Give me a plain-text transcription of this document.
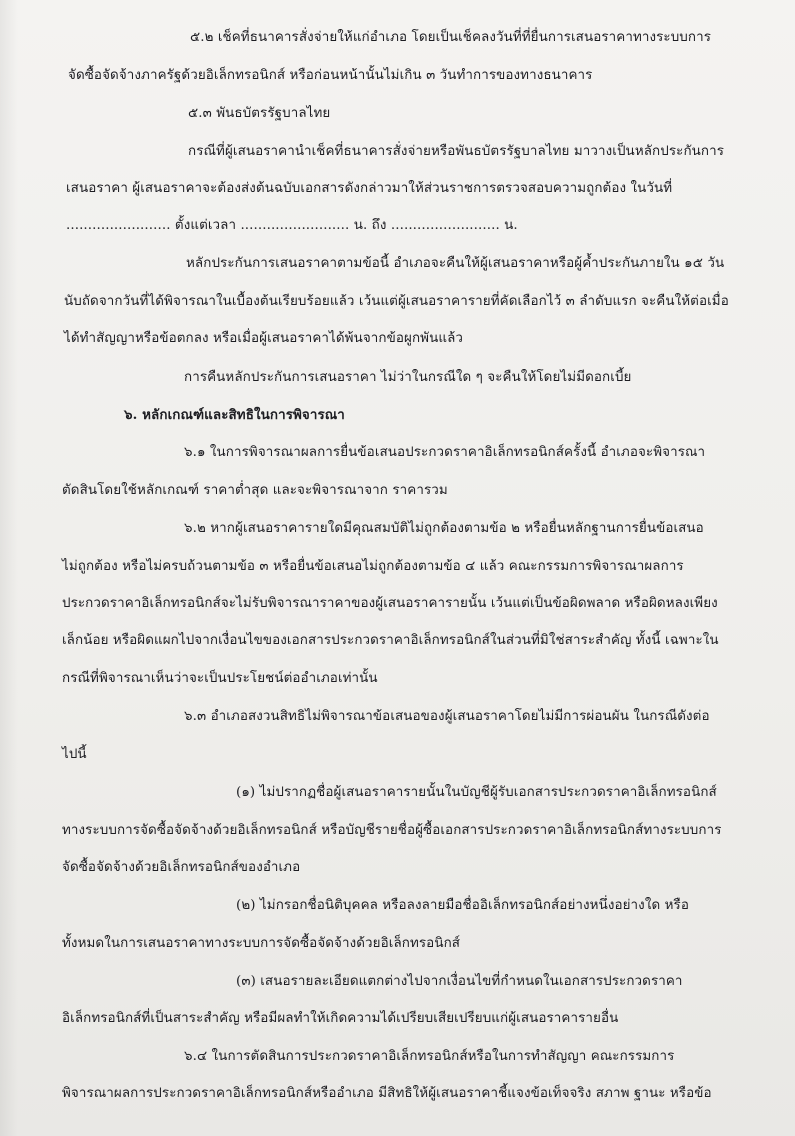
๕.๒ เช็คที่ธนาคารสั่งจ่ายให้แก่อำเภอ โดยเป็นเช็คลงวันที่ที่ยื่นการเสนอราคาทางระบบการ
จัดซื้อจัดจ้างภาครัฐด้วยอิเล็กทรอนิกส์ หรือก่อนหน้านั้นไม่เกิน ๓ วันทำการของทางธนาคาร
๕.๓ พันธบัตรรัฐบาลไทย
กรณีที่ผู้เสนอราคานำเช็คที่ธนาคารสั่งจ่ายหรือพันธบัตรรัฐบาลไทย มาวางเป็นหลักประกันการ
เสนอราคา ผู้เสนอราคาจะต้องส่งต้นฉบับเอกสารดังกล่าวมาให้ส่วนราชการตรวจสอบความถูกต้อง ในวันที่
........................ ตั้งแต่เวลา ......................... น. ถึง ......................... น.
หลักประกันการเสนอราคาตามข้อนี้ อำเภอจะคืนให้ผู้เสนอราคาหรือผู้ค้ำประกันภายใน ๑๕ วัน
นับถัดจากวันที่ได้พิจารณาในเบื้องต้นเรียบร้อยแล้ว เว้นแต่ผู้เสนอราคารายที่คัดเลือกไว้ ๓ ลำดับแรก จะคืนให้ต่อเมื่อ
ได้ทำสัญญาหรือข้อตกลง หรือเมื่อผู้เสนอราคาได้พ้นจากข้อผูกพันแล้ว
การคืนหลักประกันการเสนอราคา ไม่ว่าในกรณีใด ๆ จะคืนให้โดยไม่มีดอกเบี้ย
๖. หลักเกณฑ์และสิทธิในการพิจารณา
๖.๑ ในการพิจารณาผลการยื่นข้อเสนอประกวดราคาอิเล็กทรอนิกส์ครั้งนี้ อำเภอจะพิจารณา
ตัดสินโดยใช้หลักเกณฑ์ ราคาต่ำสุด และจะพิจารณาจาก ราคารวม
๖.๒ หากผู้เสนอราคารายใดมีคุณสมบัติไม่ถูกต้องตามข้อ ๒ หรือยื่นหลักฐานการยื่นข้อเสนอ
ไม่ถูกต้อง หรือไม่ครบถ้วนตามข้อ ๓ หรือยื่นข้อเสนอไม่ถูกต้องตามข้อ ๔ แล้ว คณะกรรมการพิจารณาผลการ
ประกวดราคาอิเล็กทรอนิกส์จะไม่รับพิจารณาราคาของผู้เสนอราคารายนั้น เว้นแต่เป็นข้อผิดพลาด หรือผิดหลงเพียง
เล็กน้อย หรือผิดแผกไปจากเงื่อนไขของเอกสารประกวดราคาอิเล็กทรอนิกส์ในส่วนที่มิใช่สาระสำคัญ ทั้งนี้ เฉพาะใน
กรณีที่พิจารณาเห็นว่าจะเป็นประโยชน์ต่ออำเภอเท่านั้น
๖.๓ อำเภอสงวนสิทธิไม่พิจารณาข้อเสนอของผู้เสนอราคาโดยไม่มีการผ่อนผัน ในกรณีดังต่อ
ไปนี้
(๑) ไม่ปรากฏชื่อผู้เสนอราคารายนั้นในบัญชีผู้รับเอกสารประกวดราคาอิเล็กทรอนิกส์
ทางระบบการจัดซื้อจัดจ้างด้วยอิเล็กทรอนิกส์ หรือบัญชีรายชื่อผู้ซื้อเอกสารประกวดราคาอิเล็กทรอนิกส์ทางระบบการ
จัดซื้อจัดจ้างด้วยอิเล็กทรอนิกส์ของอำเภอ
(๒) ไม่กรอกชื่อนิติบุคคล หรือลงลายมือชื่ออิเล็กทรอนิกส์อย่างหนึ่งอย่างใด หรือ
ทั้งหมดในการเสนอราคาทางระบบการจัดซื้อจัดจ้างด้วยอิเล็กทรอนิกส์
(๓) เสนอรายละเอียดแตกต่างไปจากเงื่อนไขที่กำหนดในเอกสารประกวดราคา
อิเล็กทรอนิกส์ที่เป็นสาระสำคัญ หรือมีผลทำให้เกิดความได้เปรียบเสียเปรียบแก่ผู้เสนอราคารายอื่น
๖.๔ ในการตัดสินการประกวดราคาอิเล็กทรอนิกส์หรือในการทำสัญญา คณะกรรมการ
พิจารณาผลการประกวดราคาอิเล็กทรอนิกส์หรืออำเภอ มีสิทธิให้ผู้เสนอราคาชี้แจงข้อเท็จจริง สภาพ ฐานะ หรือข้อ
